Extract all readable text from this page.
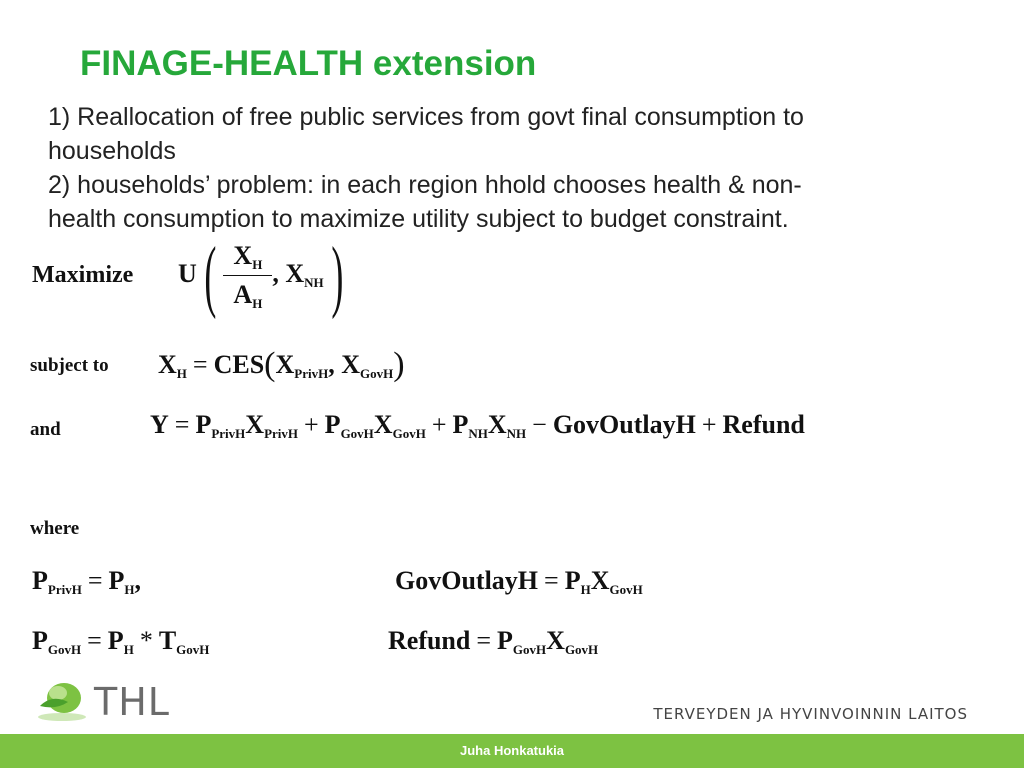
FINAGE-HEALTH extension
1) Reallocation of free public services from govt final consumption to
households
2) households’ problem: in each region hhold chooses health & non-
health consumption to maximize utility subject to budget constraint.
Maximize $U( \frac{X_H}{A_H}$ , $X_{NH}$)
subject to $X_H = CES(X_{PrivH}$, $X_{GovH}$)
and	$Y = P_{PrivH}X_{PrivH} + P_{GovH}X_{GovH} + P_{NH}X_{NH}$ − GovOutlayH + Refund
where
$P_{PrivH} = P_H$,	GovOutlayH = $P_HX_{GovH}$
$P_{GovH} = P_H * T_{GovH}$	Refund = $P_{GovH}X_{GovH}$
THL	TERVEYDEN JA HYVINVOINNIN LAITOS
Juha Honkatukia
